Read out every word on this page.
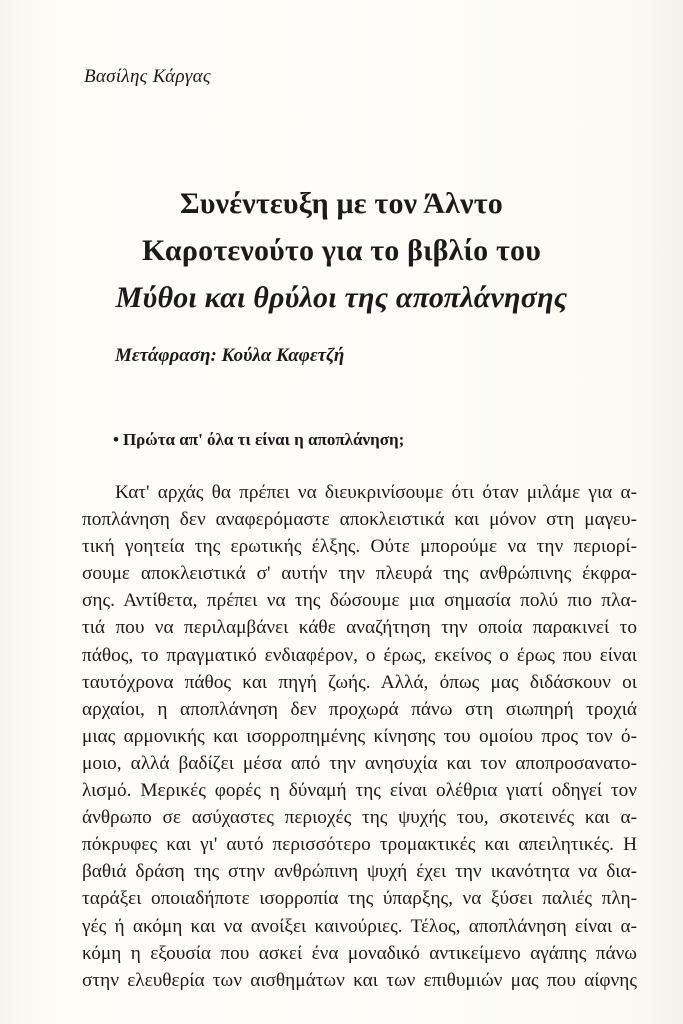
Βασίλης Κάργας
Συνέντευξη με τον Άλντο
Καροτενούτο για το βιβλίο του
Μύθοι και θρύλοι της αποπλάνησης
Μετάφραση: Κούλα Καφετζή
• Πρώτα απ' όλα τι είναι η αποπλάνηση;
Κατ' αρχάς θα πρέπει να διευκρινίσουμε ότι όταν μιλάμε για α-
ποπλάνηση δεν αναφερόμαστε αποκλειστικά και μόνον στη μαγευ-
τική γοητεία της ερωτικής έλξης. Ούτε μπορούμε να την περιορί-
σουμε αποκλειστικά σ' αυτήν την πλευρά της ανθρώπινης έκφρα-
σης. Αντίθετα, πρέπει να της δώσουμε μια σημασία πολύ πιο πλα-
τιά που να περιλαμβάνει κάθε αναζήτηση την οποία παρακινεί το
πάθος, το πραγματικό ενδιαφέρον, ο έρως, εκείνος ο έρως που είναι
ταυτόχρονα πάθος και πηγή ζωής. Αλλά, όπως μας διδάσκουν οι
αρχαίοι, η αποπλάνηση δεν προχωρά πάνω στη σιωπηρή τροχιά
μιας αρμονικής και ισορροπημένης κίνησης του ομοίου προς τον ό-
μοιο, αλλά βαδίζει μέσα από την ανησυχία και τον αποπροσανατο-
λισμό. Μερικές φορές η δύναμή της είναι ολέθρια γιατί οδηγεί τον
άνθρωπο σε ασύχαστες περιοχές της ψυχής του, σκοτεινές και α-
πόκρυφες και γι' αυτό περισσότερο τρομακτικές και απειλητικές. Η
βαθιά δράση της στην ανθρώπινη ψυχή έχει την ικανότητα να δια-
ταράξει οποιαδήποτε ισορροπία της ύπαρξης, να ξύσει παλιές πλη-
γές ή ακόμη και να ανοίξει καινούριες. Τέλος, αποπλάνηση είναι α-
κόμη η εξουσία που ασκεί ένα μοναδικό αντικείμενο αγάπης πάνω
στην ελευθερία των αισθημάτων και των επιθυμιών μας που αίφνης
